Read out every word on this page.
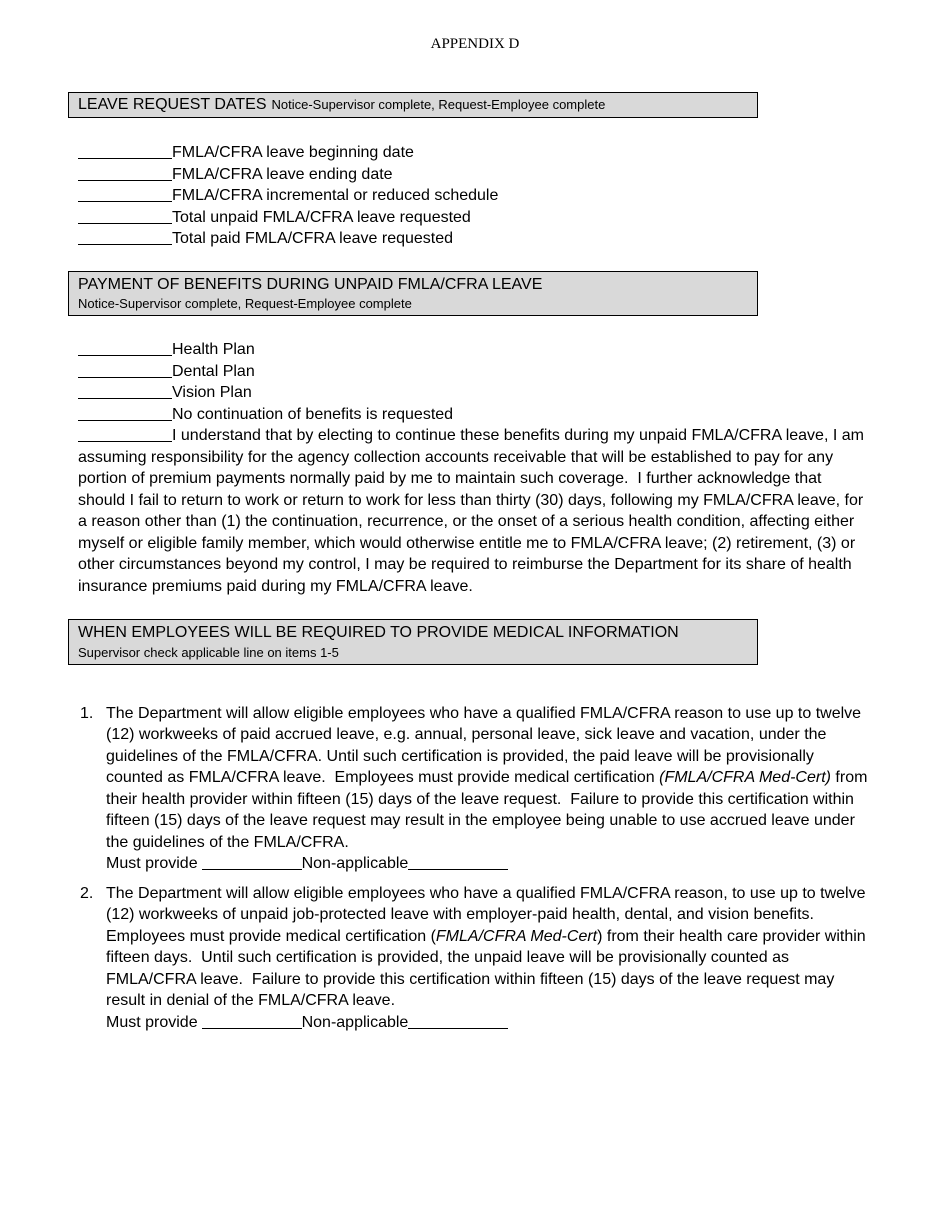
APPENDIX D
LEAVE REQUEST DATES Notice-Supervisor complete, Request-Employee complete
FMLA/CFRA leave beginning date
FMLA/CFRA leave ending date
FMLA/CFRA incremental or reduced schedule
Total unpaid FMLA/CFRA leave requested
Total paid FMLA/CFRA leave requested
PAYMENT OF BENEFITS DURING UNPAID FMLA/CFRA LEAVE
Notice-Supervisor complete, Request-Employee complete
Health Plan
Dental Plan
Vision Plan
No continuation of benefits is requested

I understand that by electing to continue these benefits during my unpaid FMLA/CFRA leave, I am assuming responsibility for the agency collection accounts receivable that will be established to pay for any portion of premium payments normally paid by me to maintain such coverage.  I further acknowledge that should I fail to return to work or return to work for less than thirty (30) days, following my FMLA/CFRA leave, for a reason other than (1) the continuation, recurrence, or the onset of a serious health condition, affecting either myself or eligible family member, which would otherwise entitle me to FMLA/CFRA leave; (2) retirement, (3) or other circumstances beyond my control, I may be required to reimburse the Department for its share of health insurance premiums paid during my FMLA/CFRA leave.

WHEN EMPLOYEES WILL BE REQUIRED TO PROVIDE MEDICAL INFORMATION
Supervisor check applicable line on items 1-5
1. The Department will allow eligible employees who have a qualified FMLA/CFRA reason to use up to twelve (12) workweeks of paid accrued leave, e.g. annual, personal leave, sick leave and vacation, under the guidelines of the FMLA/CFRA. Until such certification is provided, the paid leave will be provisionally counted as FMLA/CFRA leave.  Employees must provide medical certification (FMLA/CFRA Med-Cert) from their health provider within fifteen (15) days of the leave request.  Failure to provide this certification within fifteen (15) days of the leave request may result in the employee being unable to use accrued leave under the guidelines of the FMLA/CFRA.

Must provide	Non-applicable
2. The Department will allow eligible employees who have a qualified FMLA/CFRA reason, to use up to twelve (12) workweeks of unpaid job-protected leave with employer-paid health, dental, and vision benefits.  Employees must provide medical certification (FMLA/CFRA Med-Cert) from their health care provider within fifteen days.  Until such certification is provided, the unpaid leave will be provisionally counted as FMLA/CFRA leave.  Failure to provide this certification within fifteen (15) days of the leave request may result in denial of the FMLA/CFRA leave.

Must provide	Non-applicable
